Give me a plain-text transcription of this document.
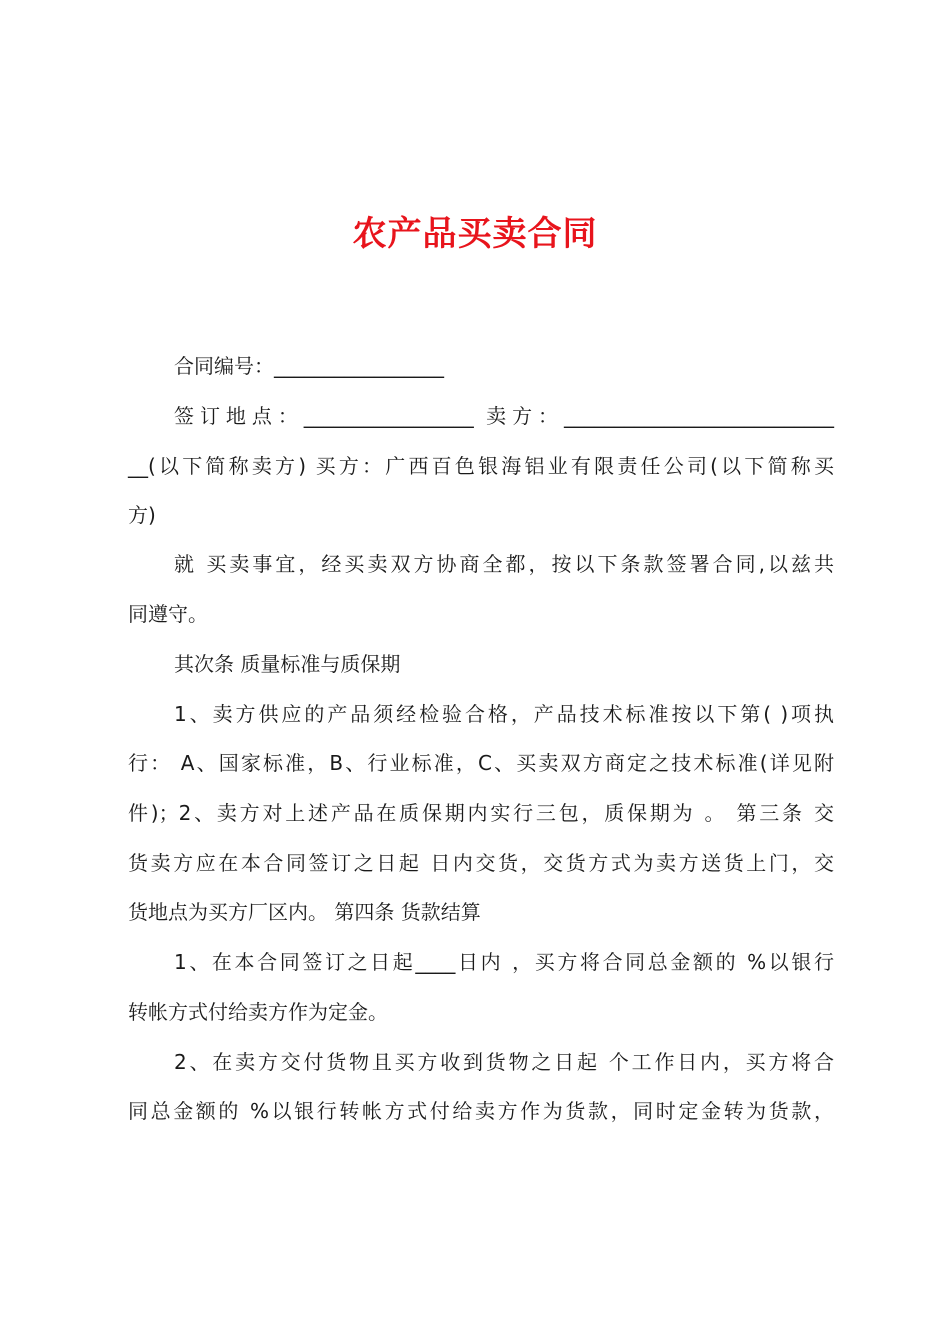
农产品买卖合同
合同编号：_________________
签订地点：_________________ 卖方：___________________________
__(以下简称卖方) 买方：广西百色银海铝业有限责任公司(以下简称买
方)
就 买卖事宜，经买卖双方协商全都，按以下条款签署合同,以兹共
同遵守。
其次条 质量标准与质保期
1、卖方供应的产品须经检验合格，产品技术标准按以下第( )项执
行： A、国家标准，B、行业标准，C、买卖双方商定之技术标准(详见附
件)；2、卖方对上述产品在质保期内实行三包，质保期为 。 第三条 交
货卖方应在本合同签订之日起 日内交货，交货方式为卖方送货上门，交
货地点为买方厂区内。 第四条 货款结算
1、在本合同签订之日起____日内 ，买方将合同总金额的 %以银行
转帐方式付给卖方作为定金。
2、在卖方交付货物且买方收到货物之日起 个工作日内，买方将合
同总金额的 %以银行转帐方式付给卖方作为货款，同时定金转为货款，
